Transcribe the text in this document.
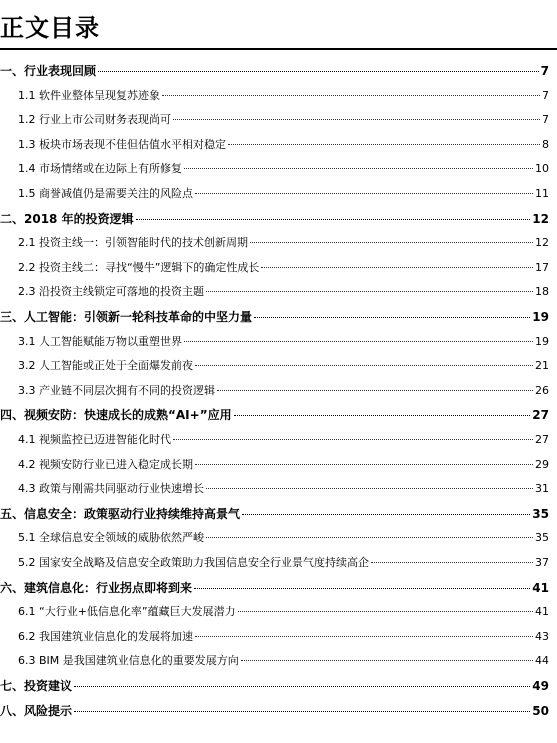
正文目录
一、行业表现回顾	7
1.1 软件业整体呈现复苏迹象	7
1.2 行业上市公司财务表现尚可	7
1.3 板块市场表现不佳但估值水平相对稳定	8
1.4 市场情绪或在边际上有所修复	10
1.5 商誉减值仍是需要关注的风险点	11
二、2018 年的投资逻辑	12
2.1 投资主线一：引领智能时代的技术创新周期	12
2.2 投资主线二：寻找“慢牛”逻辑下的确定性成长	17
2.3 沿投资主线锁定可落地的投资主题	18
三、人工智能：引领新一轮科技革命的中坚力量	19
3.1 人工智能赋能万物以重塑世界	19
3.2 人工智能或正处于全面爆发前夜	21
3.3 产业链不同层次拥有不同的投资逻辑	26
四、视频安防：快速成长的成熟“AI+”应用	27
4.1 视频监控已迈进智能化时代	27
4.2 视频安防行业已进入稳定成长期	29
4.3 政策与刚需共同驱动行业快速增长	31
五、信息安全：政策驱动行业持续维持高景气	35
5.1 全球信息安全领域的威胁依然严峻	35
5.2 国家安全战略及信息安全政策助力我国信息安全行业景气度持续高企	37
六、建筑信息化：行业拐点即将到来	41
6.1 “大行业+低信息化率”蕴藏巨大发展潜力	41
6.2 我国建筑业信息化的发展将加速	43
6.3 BIM 是我国建筑业信息化的重要发展方向	44
七、投资建议	49
八、风险提示	50
